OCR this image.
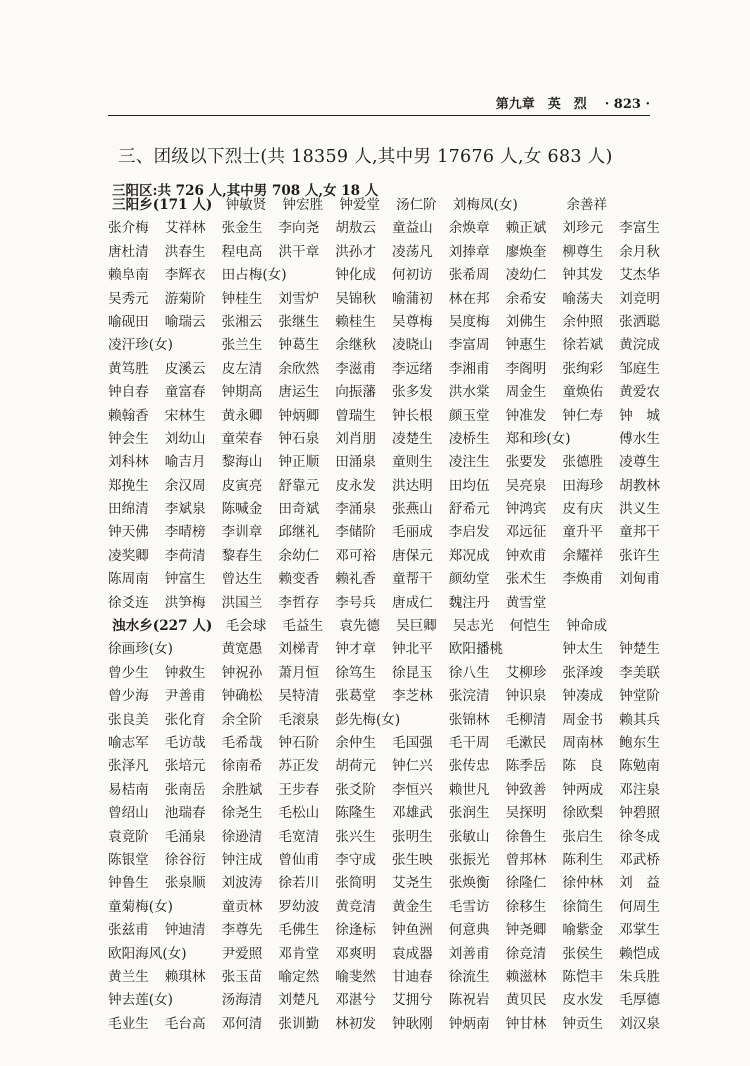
第九章　英　烈 · 823 ·
三、团级以下烈士(共 18359 人,其中男 17676 人,女 683 人)
三阳区:共 726 人,其中男 708 人,女 18 人
三阳乡(171 人) 钟敏贤	钟宏胜	钟爱堂	汤仁阶	刘梅凤(女)	余善祥
张介梅	艾祥林	张金生	李向尧	胡敖云	童益山	余焕章	赖正斌	刘珍元	李富生
唐杜清	洪春生	程电高	洪干章	洪孙才	凌荡凡	刘捧章	廖焕奎	柳尊生	余月秋
赖阜南	李辉衣	田占梅(女)	钟化成	何初访	张希周	凌幼仁	钟其发	艾杰华
吴秀元	游菊阶	钟桂生	刘雪炉	吴锦秋	喻蒲初	林在邦	余希安	喻荡夫	刘竞明
喻砚田	喻瑞云	张湘云	张继生	赖桂生	吴尊梅	吴度梅	刘佛生	余仲照	张洒聪
凌汗珍(女)	张兰生	钟葛生	余继秋	凌晓山	李富周	钟惠生	徐若斌	黄浣成
黄笃胜	皮溪云	皮左清	余欣然	李滋甫	李远绪	李湘甫	李阁明	张绚彩	邹庭生
钟自春	童富春	钟期高	唐运生	向振藩	张多发	洪水棠	周金生	童焕佑	黄爱农
赖翰香	宋林生	黄永卿	钟炳卿	曾瑞生	钟长根	颜玉堂	钟准发	钟仁寿	钟　城
钟会生	刘幼山	童荣春	钟石泉	刘肖朋	凌楚生	凌桥生	郑和珍(女)	傅水生
刘科林	喻吉月	黎海山	钟正顺	田涌泉	童则生	凌注生	张要发	张德胜	凌尊生
郑挽生	余汉周	皮寅亮	舒靠元	皮永发	洪达明	田均伍	吴亮泉	田海珍	胡教林
田绵清	李斌泉	陈喊金	田奇斌	李涌泉	张燕山	舒希元	钟鸿宾	皮有庆	洪义生
钟天佛	李晴榜	李训章	邱继礼	李储阶	毛丽成	李启发	邓远征	童升平	童邦干
凌奖卿	李荷清	黎春生	余幼仁	邓可裕	唐保元	郑况成	钟欢甫	余耀祥	张许生
陈周南	钟富生	曾达生	赖变香	赖礼香	童帮干	颜幼堂	张术生	李焕甫	刘甸甫
徐爻连	洪笋梅	洪国兰	李哲存	李号兵	唐成仁	魏注丹	黄雪堂
浊水乡(227 人) 毛会球	毛益生	袁先德	吴巨卿	吴志光	何恺生	钟命成
徐画珍(女)	黄宽愚	刘梯青	钟才章	钟北平	欧阳播桃	钟太生	钟楚生
曾少生	钟救生	钟祝孙	萧月恒	徐笃生	徐昆玉	徐八生	艾柳珍	张泽竣	李美联
曾少海	尹善甫	钟确松	吴特清	张葛堂	李芝林	张浣清	钟识泉	钟凑成	钟堂阶
张良美	张化育	余全阶	毛滚泉	彭先梅(女)	张锦林	毛柳清	周金书	赖其兵
喻志军	毛访哉	毛希哉	钟石阶	余仲生	毛国强	毛干周	毛漱民	周南林	鲍东生
张泽凡	张培元	徐南希	苏正发	胡荷元	钟仁兴	张传忠	陈季岳	陈　良	陈勉南
易桔南	张南岳	余胜斌	王步春	张爻阶	李恒兴	赖世凡	钟致善	钟两成	邓注泉
曾绍山	池瑞春	徐尧生	毛松山	陈隆生	邓雄武	张润生	吴探明	徐欧梨	钟碧照
袁竟阶	毛涌泉	徐逊清	毛宽清	张兴生	张明生	张敏山	徐鲁生	张启生	徐冬成
陈银堂	徐谷衍	钟注成	曾仙甫	李守成	张生映	张振光	曾邦林	陈利生	邓武桥
钟鲁生	张泉顺	刘波涛	徐若川	张简明	艾尧生	张焕衡	徐隆仁	徐仲林	刘　益
童菊梅(女)	童贡林	罗幼波	黄竞清	黄金生	毛雪访	徐移生	徐简生	何周生
张兹甫	钟迪清	李尊先	毛佛生	徐逢标	钟鱼洲	何意典	钟尧卿	喻紫金	邓掌生
欧阳海风(女)	尹爱照	邓肯堂	邓爽明	袁成器	刘善甫	徐竞清	张侯生	赖恺成
黄兰生	赖琪林	张玉苗	喻定然	喻斐然	甘迪春	徐流生	赖滋林	陈恺丰	朱兵胜
钟去莲(女)	汤海清	刘楚凡	邓湛兮	艾拥兮	陈祝岩	黄贝民	皮水发	毛厚德
毛业生	毛台高	邓何清	张训勤	林初发	钟耿刚	钟炳南	钟甘林	钟贡生	刘汉泉
